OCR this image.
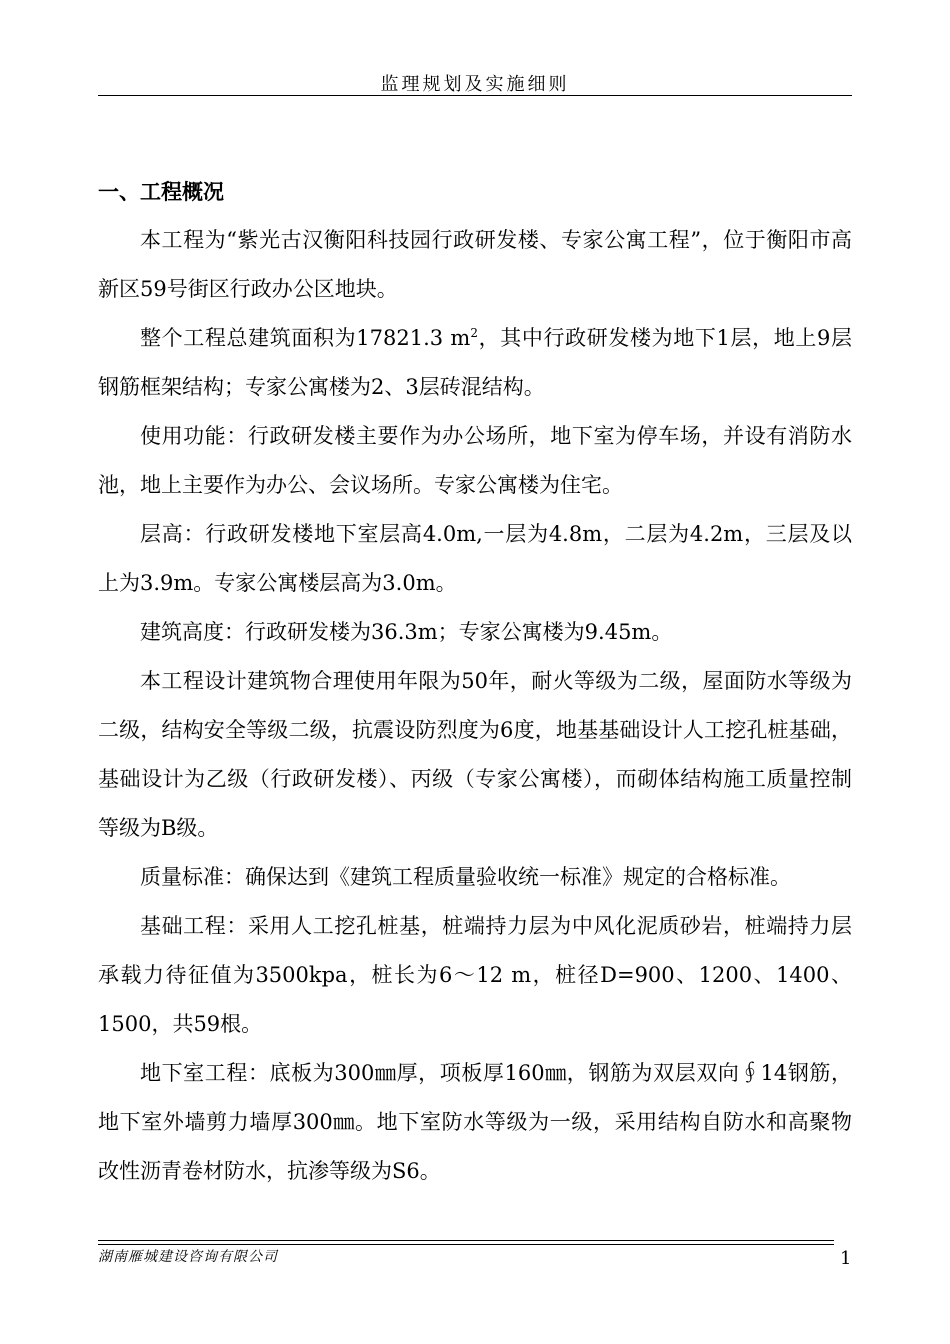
监理规划及实施细则
一、工程概况

本工程为“紫光古汉衡阳科技园行政研发楼、专家公寓工程”，位于衡阳市高新区59号街区行政办公区地块。

整个工程总建筑面积为17821.3 $m^2$，其中行政研发楼为地下1层，地上9层钢筋框架结构；专家公寓楼为2、3层砖混结构。

使用功能：行政研发楼主要作为办公场所，地下室为停车场，并设有消防水池，地上主要作为办公、会议场所。专家公寓楼为住宅。

层高：行政研发楼地下室层高4.0m,一层为4.8m，二层为4.2m，三层及以上为3.9m。专家公寓楼层高为3.0m。

建筑高度：行政研发楼为36.3m；专家公寓楼为9.45m。

本工程设计建筑物合理使用年限为50年，耐火等级为二级，屋面防水等级为二级，结构安全等级二级，抗震设防烈度为6度，地基基础设计人工挖孔桩基础，基础设计为乙级（行政研发楼）、丙级（专家公寓楼），而砌体结构施工质量控制等级为B级。

质量标准：确保达到《建筑工程质量验收统一标准》规定的合格标准。

基础工程：采用人工挖孔桩基，桩端持力层为中风化泥质砂岩，桩端持力层承载力待征值为3500kpa，桩长为6～12 m，桩径D=900、1200、1400、1500，共59根。

地下室工程：底板为300㎜厚，项板厚160㎜，钢筋为双层双向∮14钢筋，地下室外墙剪力墙厚300㎜。地下室防水等级为一级，采用结构自防水和高聚物改性沥青卷材防水，抗渗等级为S6。

湖南雁城建设咨询有限公司	1
